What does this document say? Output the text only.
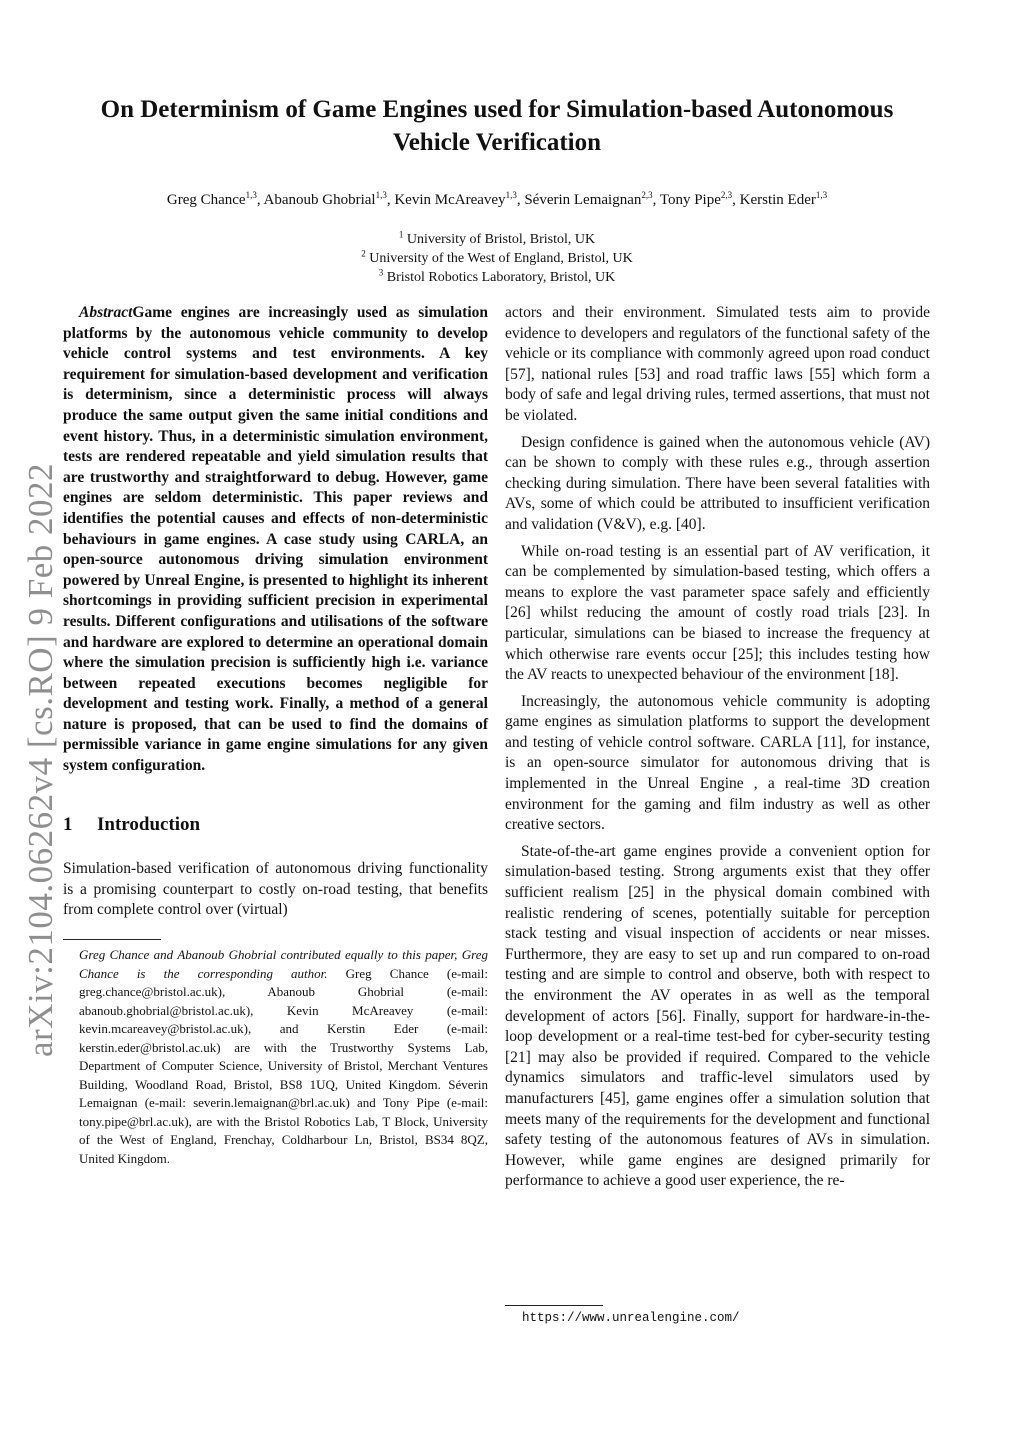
arXiv:2104.06262v4 [cs.RO] 9 Feb 2022
On Determinism of Game Engines used for Simulation-based Autonomous Vehicle Verification
Greg Chance$^{1,3}$, Abanoub Ghobrial$^{1,3}$, Kevin McAreavey$^{1,3}$, Séverin Lemaignan$^{2,3}$, Tony Pipe$^{2,3}$, Kerstin Eder$^{1,3}$
$^1$ University of Bristol, Bristol, UK
$^2$ University of the West of England, Bristol, UK
$^3$ Bristol Robotics Laboratory, Bristol, UK

AbstractGame engines are increasingly used as simulation platforms by the autonomous vehicle community to develop vehicle control systems and test environments. A key requirement for simulation-based development and verification is determinism, since a deterministic process will always produce the same output given the same initial conditions and event history. Thus, in a deterministic simulation environment, tests are rendered repeatable and yield simulation results that are trustworthy and straightforward to debug. However, game engines are seldom deterministic. This paper reviews and identifies the potential causes and effects of non-deterministic behaviours in game engines. A case study using CARLA, an open-source autonomous driving simulation environment powered by Unreal Engine, is presented to highlight its inherent shortcomings in providing sufficient precision in experimental results. Different configurations and utilisations of the software and hardware are explored to determine an operational domain where the simulation precision is sufficiently high i.e. variance between repeated executions becomes negligible for development and testing work. Finally, a method of a general nature is proposed, that can be used to find the domains of permissible variance in game engine simulations for any given system configuration.

1 Introduction

Simulation-based verification of autonomous driving functionality is a promising counterpart to costly on-road testing, that benefits from complete control over (virtual)

Greg Chance and Abanoub Ghobrial contributed equally to this paper, Greg Chance is the corresponding author. Greg Chance (e-mail: greg.chance@bristol.ac.uk), Abanoub Ghobrial (e-mail: abanoub.ghobrial@bristol.ac.uk), Kevin McAreavey (e-mail: kevin.mcareavey@bristol.ac.uk), and Kerstin Eder (e-mail: kerstin.eder@bristol.ac.uk) are with the Trustworthy Systems Lab, Department of Computer Science, University of Bristol, Merchant Ventures Building, Woodland Road, Bristol, BS8 1UQ, United Kingdom. Séverin Lemaignan (e-mail: severin.lemaignan@brl.ac.uk) and Tony Pipe (e-mail: tony.pipe@brl.ac.uk), are with the Bristol Robotics Lab, T Block, University of the West of England, Frenchay, Coldharbour Ln, Bristol, BS34 8QZ, United Kingdom.

actors and their environment. Simulated tests aim to provide evidence to developers and regulators of the functional safety of the vehicle or its compliance with commonly agreed upon road conduct [57], national rules [53] and road traffic laws [55] which form a body of safe and legal driving rules, termed assertions, that must not be violated.

Design confidence is gained when the autonomous vehicle (AV) can be shown to comply with these rules e.g., through assertion checking during simulation. There have been several fatalities with AVs, some of which could be attributed to insufficient verification and validation (V&V), e.g. [40].

While on-road testing is an essential part of AV verification, it can be complemented by simulation-based testing, which offers a means to explore the vast parameter space safely and efficiently [26] whilst reducing the amount of costly road trials [23]. In particular, simulations can be biased to increase the frequency at which otherwise rare events occur [25]; this includes testing how the AV reacts to unexpected behaviour of the environment [18].

Increasingly, the autonomous vehicle community is adopting game engines as simulation platforms to support the development and testing of vehicle control software. CARLA [11], for instance, is an open-source simulator for autonomous driving that is implemented in the Unreal Engine , a real-time 3D creation environment for the gaming and film industry as well as other creative sectors.

State-of-the-art game engines provide a convenient option for simulation-based testing. Strong arguments exist that they offer sufficient realism [25] in the physical domain combined with realistic rendering of scenes, potentially suitable for perception stack testing and visual inspection of accidents or near misses. Furthermore, they are easy to set up and run compared to on-road testing and are simple to control and observe, both with respect to the environment the AV operates in as well as the temporal development of actors [56]. Finally, support for hardware-in-the-loop development or a real-time test-bed for cyber-security testing [21] may also be provided if required. Compared to the vehicle dynamics simulators and traffic-level simulators used by manufacturers [45], game engines offer a simulation solution that meets many of the requirements for the development and functional safety testing of the autonomous features of AVs in simulation. However, while game engines are designed primarily for performance to achieve a good user experience, the re-

https://www.unrealengine.com/
